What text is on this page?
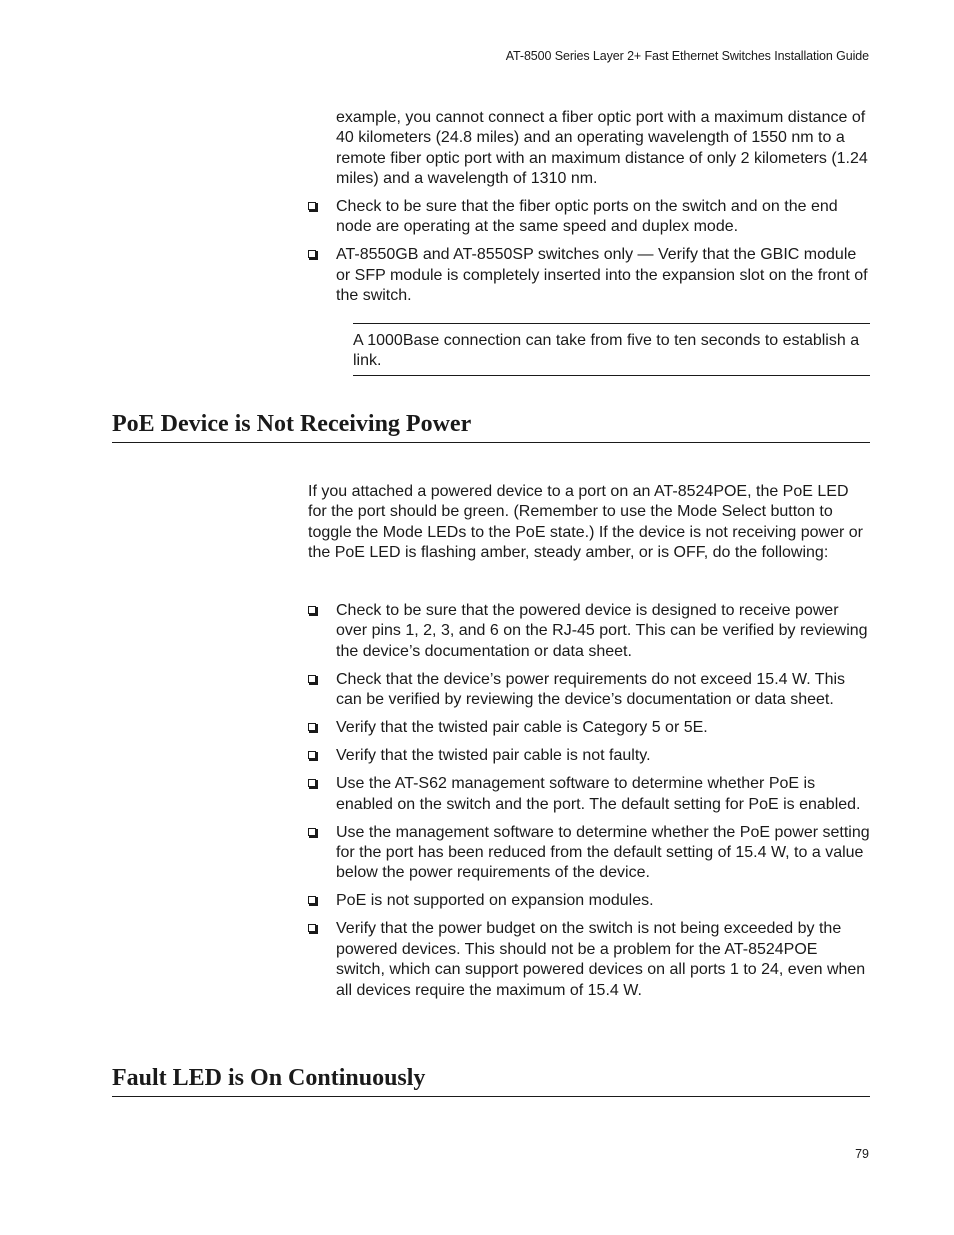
AT-8500 Series Layer 2+ Fast Ethernet Switches Installation Guide
example, you cannot connect a fiber optic port with a maximum distance of 40 kilometers (24.8 miles) and an operating wavelength of 1550 nm to a remote fiber optic port with an maximum distance of only 2 kilometers (1.24 miles) and a wavelength of 1310 nm.
Check to be sure that the fiber optic ports on the switch and on the end node are operating at the same speed and duplex mode.
AT-8550GB and AT-8550SP switches only — Verify that the GBIC module or SFP module is completely inserted into the expansion slot on the front of the switch.

A 1000Base connection can take from five to ten seconds to establish a link.

PoE Device is Not Receiving Power

If you attached a powered device to a port on an AT-8524POE, the PoE LED for the port should be green. (Remember to use the Mode Select button to toggle the Mode LEDs to the PoE state.) If the device is not receiving power or the PoE LED is flashing amber, steady amber, or is OFF, do the following:

Check to be sure that the powered device is designed to receive power over pins 1, 2, 3, and 6 on the RJ-45 port. This can be verified by reviewing the device’s documentation or data sheet.
Check that the device’s power requirements do not exceed 15.4 W. This can be verified by reviewing the device’s documentation or data sheet.
Verify that the twisted pair cable is Category 5 or 5E.
Verify that the twisted pair cable is not faulty.
Use the AT-S62 management software to determine whether PoE is enabled on the switch and the port. The default setting for PoE is enabled.
Use the management software to determine whether the PoE power setting for the port has been reduced from the default setting of 15.4 W, to a value below the power requirements of the device.
PoE is not supported on expansion modules.
Verify that the power budget on the switch is not being exceeded by the powered devices. This should not be a problem for the AT-8524POE switch, which can support powered devices on all ports 1 to 24, even when all devices require the maximum of 15.4 W.
Fault LED is On Continuously
79
